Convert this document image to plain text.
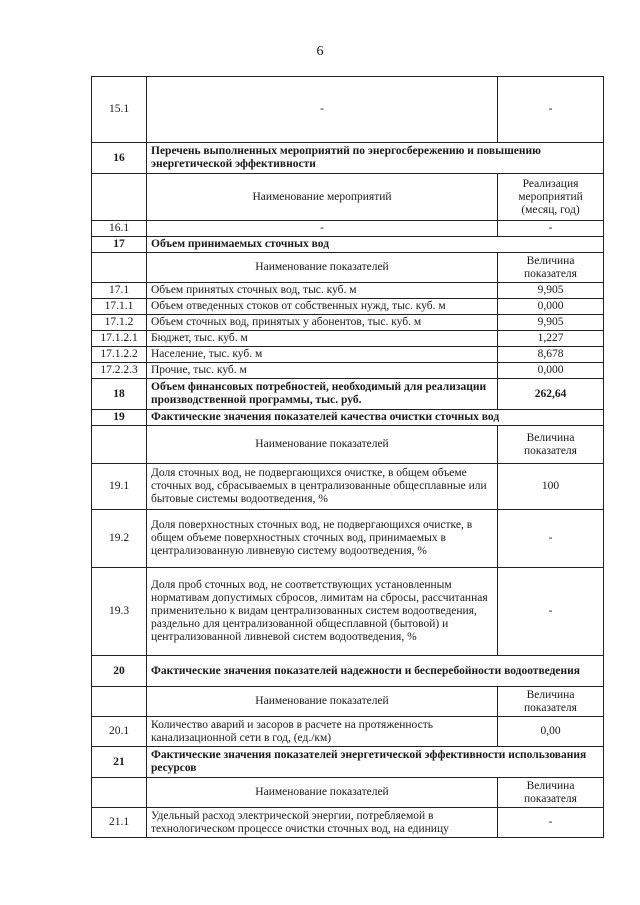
6
15.1	-	-
16	Перечень выполненных мероприятий по энергосбережению и повышению энергетической эффективности	
	Наименование мероприятий	Реализация мероприятий (месяц, год)
16.1	-	-
17	Объем принимаемых сточных вод	
	Наименование показателей	Величина показателя
17.1	Объем принятых сточных вод, тыс. куб. м	9,905
17.1.1	Объем отведенных стоков от собственных нужд, тыс. куб. м	0,000
17.1.2	Объем сточных вод, принятых у абонентов, тыс. куб. м	9,905
17.1.2.1	Бюджет, тыс. куб. м	1,227
17.1.2.2	Население, тыс. куб. м	8,678
17.2.2.3	Прочие, тыс. куб. м	0,000
18	Объем финансовых потребностей, необходимый для реализации производственной программы, тыс. руб.	262,64
19	Фактические значения показателей качества очистки сточных вод	
	Наименование показателей	Величина показателя
19.1	Доля сточных вод, не подвергающихся очистке, в общем объеме сточных вод, сбрасываемых в централизованные общесплавные или бытовые системы водоотведения, %	100
19.2	Доля поверхностных сточных вод, не подвергающихся очистке, в общем объеме поверхностных сточных вод, принимаемых в централизованную ливневую систему водоотведения, %	-
19.3	Доля проб сточных вод, не соответствующих установленным нормативам допустимых сбросов, лимитам на сбросы, рассчитанная применительно к видам централизованных систем водоотведения, раздельно для централизованной общесплавной (бытовой) и централизованной ливневой систем водоотведения, %	-
20	Фактические значения показателей надежности и бесперебойности водоотведения	
	Наименование показателей	Величина показателя
20.1	Количество аварий и засоров в расчете на протяженность канализационной сети в год, (ед./км)	0,00
21	Фактические значения показателей энергетической эффективности использования ресурсов	
	Наименование показателей	Величина показателя
21.1	Удельный расход электрической энергии, потребляемой в технологическом процессе очистки сточных вод, на единицу	-
